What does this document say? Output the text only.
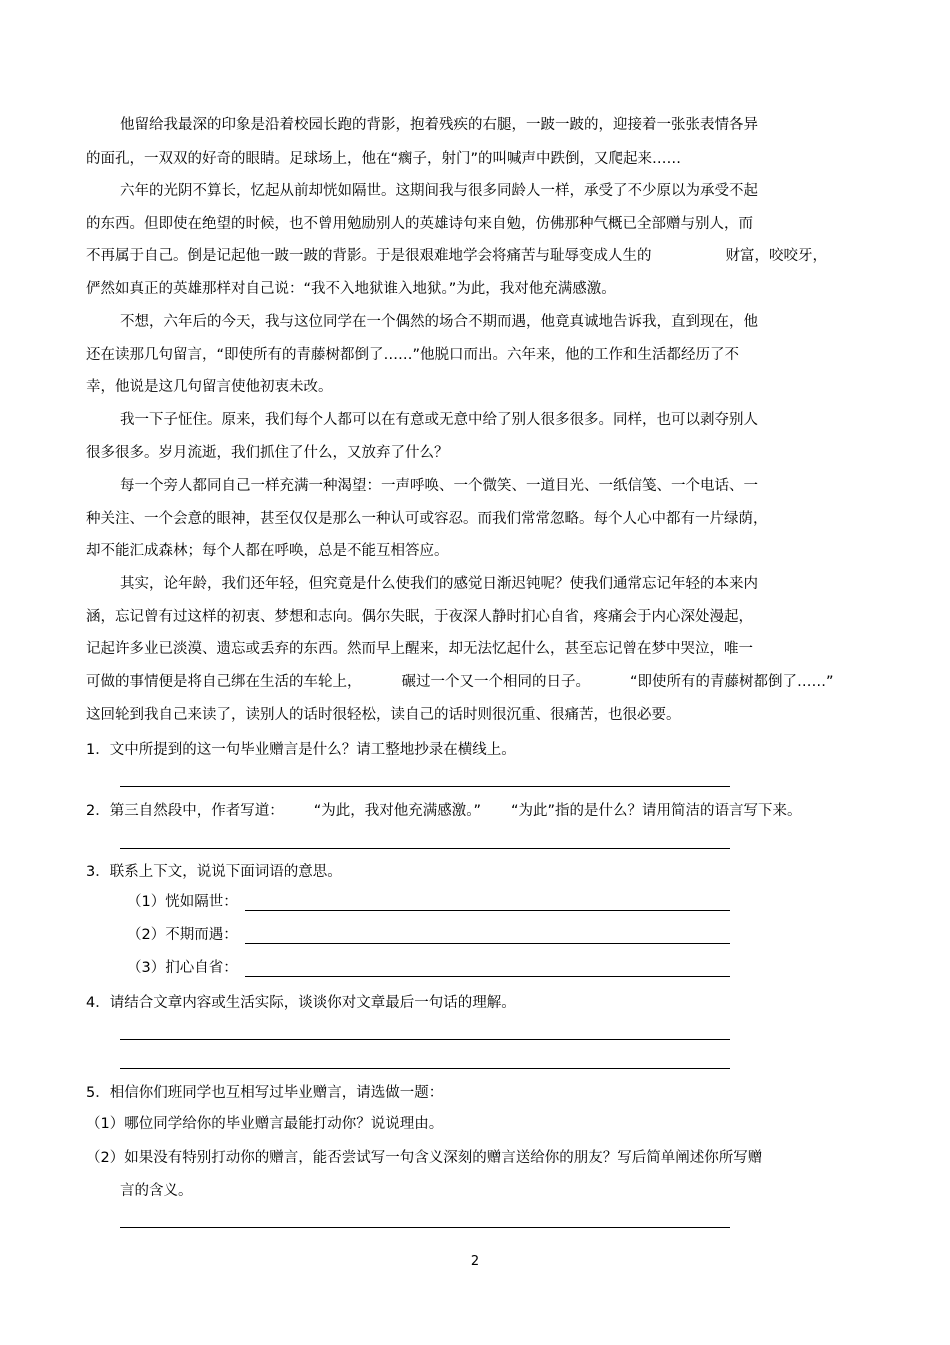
他留给我最深的印象是沿着校园长跑的背影，抱着残疾的右腿，一跛一跛的，迎接着一张张表情各异
的面孔，一双双的好奇的眼睛。足球场上，他在“瘸子，射门”的叫喊声中跌倒，又爬起来……
六年的光阴不算长，忆起从前却恍如隔世。这期间我与很多同龄人一样，承受了不少原以为承受不起
的东西。但即使在绝望的时候，也不曾用勉励别人的英雄诗句来自勉，仿佛那种气概已全部赠与别人，而
不再属于自己。倒是记起他一跛一跛的背影。于是很艰难地学会将痛苦与耻辱变成人生的	财富，咬咬牙，
俨然如真正的英雄那样对自己说：“我不入地狱谁入地狱。”为此，我对他充满感激。
不想，六年后的今天，我与这位同学在一个偶然的场合不期而遇，他竟真诚地告诉我，直到现在，他
还在读那几句留言，“即使所有的青藤树都倒了……”他脱口而出。六年来，他的工作和生活都经历了不
幸，他说是这几句留言使他初衷未改。
我一下子怔住。原来，我们每个人都可以在有意或无意中给了别人很多很多。同样，也可以剥夺别人
很多很多。岁月流逝，我们抓住了什么，又放弃了什么？
每一个旁人都同自己一样充满一种渴望：一声呼唤、一个微笑、一道目光、一纸信笺、一个电话、一
种关注、一个会意的眼神，甚至仅仅是那么一种认可或容忍。而我们常常忽略。每个人心中都有一片绿荫，
却不能汇成森林；每个人都在呼唤，总是不能互相答应。
其实，论年龄，我们还年轻，但究竟是什么使我们的感觉日渐迟钝呢？使我们通常忘记年轻的本来内
涵，忘记曾有过这样的初衷、梦想和志向。偶尔失眠，于夜深人静时扪心自省，疼痛会于内心深处漫起，
记起许多业已淡漠、遗忘或丢弃的东西。然而早上醒来，却无法忆起什么，甚至忘记曾在梦中哭泣，唯一
可做的事情便是将自己绑在生活的车轮上，	碾过一个又一个相同的日子。	“即使所有的青藤树都倒了……”
这回轮到我自己来读了，读别人的话时很轻松，读自己的话时则很沉重、很痛苦，也很必要。
1．文中所提到的这一句毕业赠言是什么？请工整地抄录在横线上。
2．第三自然段中，作者写道： “为此，我对他充满感激。” “为此”指的是什么？请用简洁的语言写下来。
3．联系上下文，说说下面词语的意思。
（1）恍如隔世：
（2）不期而遇：
（3）扪心自省：
4．请结合文章内容或生活实际，谈谈你对文章最后一句话的理解。
5．相信你们班同学也互相写过毕业赠言，请选做一题：
（1）哪位同学给你的毕业赠言最能打动你？说说理由。
（2）如果没有特别打动你的赠言，能否尝试写一句含义深刻的赠言送给你的朋友？写后简单阐述你所写赠
言的含义。
2
